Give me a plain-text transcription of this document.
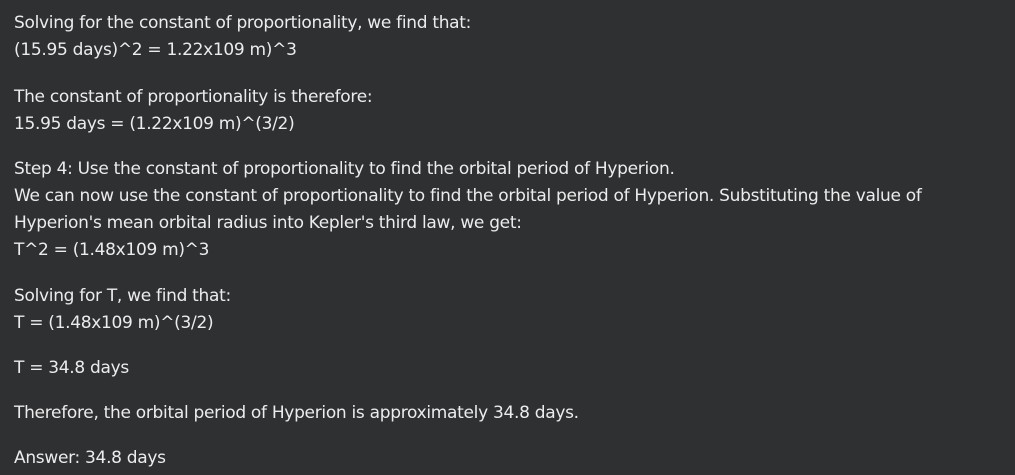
Solving for the constant of proportionality, we find that:
(15.95 days)^2 = 1.22x109 m)^3
The constant of proportionality is therefore:
15.95 days = (1.22x109 m)^(3/2)
Step 4: Use the constant of proportionality to find the orbital period of Hyperion.
We can now use the constant of proportionality to find the orbital period of Hyperion. Substituting the value of
Hyperion's mean orbital radius into Kepler's third law, we get:
T^2 = (1.48x109 m)^3
Solving for T, we find that:
T = (1.48x109 m)^(3/2)
T = 34.8 days
Therefore, the orbital period of Hyperion is approximately 34.8 days.
Answer: 34.8 days
